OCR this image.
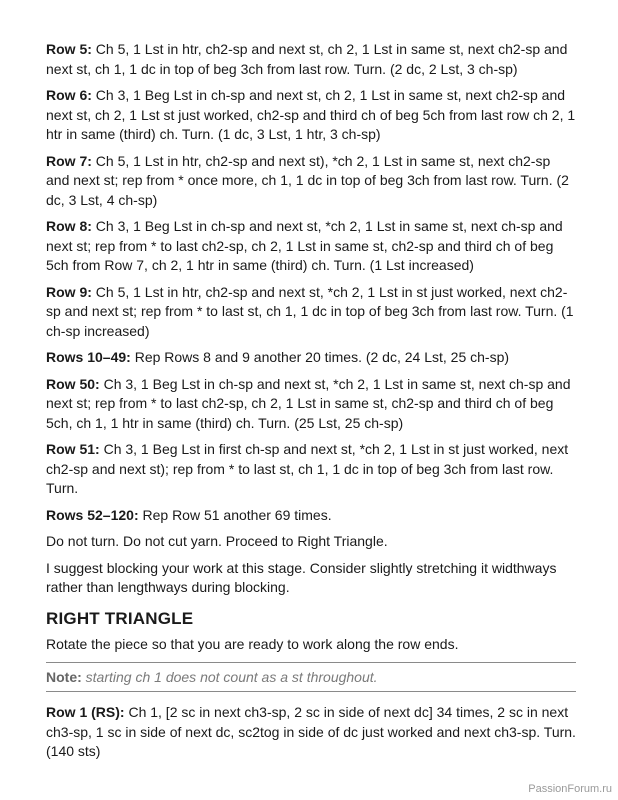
Row 5: Ch 5, 1 Lst in htr, ch2-sp and next st, ch 2, 1 Lst in same st, next ch2-sp and next st, ch 1, 1 dc in top of beg 3ch from last row. Turn. (2 dc, 2 Lst, 3 ch-sp)

Row 6: Ch 3, 1 Beg Lst in ch-sp and next st, ch 2, 1 Lst in same st, next ch2-sp and next st, ch 2, 1 Lst st just worked, ch2-sp and third ch of beg 5ch from last row ch 2, 1 htr in same (third) ch. Turn. (1 dc, 3 Lst, 1 htr, 3 ch-sp)

Row 7: Ch 5, 1 Lst in htr, ch2-sp and next st), *ch 2, 1 Lst in same st, next ch2-sp and next st; rep from * once more, ch 1, 1 dc in top of beg 3ch from last row. Turn. (2 dc, 3 Lst, 4 ch-sp)

Row 8: Ch 3, 1 Beg Lst in ch-sp and next st, *ch 2, 1 Lst in same st, next ch-sp and next st; rep from * to last ch2-sp, ch 2, 1 Lst in same st, ch2-sp and third ch of beg 5ch from Row 7, ch 2, 1 htr in same (third) ch. Turn. (1 Lst increased)

Row 9: Ch 5, 1 Lst in htr, ch2-sp and next st, *ch 2, 1 Lst in st just worked, next ch2-sp and next st; rep from * to last st, ch 1, 1 dc in top of beg 3ch from last row. Turn. (1 ch-sp increased)

Rows 10–49: Rep Rows 8 and 9 another 20 times. (2 dc, 24 Lst, 25 ch-sp)

Row 50: Ch 3, 1 Beg Lst in ch-sp and next st, *ch 2, 1 Lst in same st, next ch-sp and next st; rep from * to last ch2-sp, ch 2, 1 Lst in same st, ch2-sp and third ch of beg 5ch, ch 1, 1 htr in same (third) ch. Turn. (25 Lst, 25 ch-sp)

Row 51: Ch 3, 1 Beg Lst in first ch-sp and next st, *ch 2, 1 Lst in st just worked, next ch2-sp and next st); rep from * to last st, ch 1, 1 dc in top of beg 3ch from last row. Turn.

Rows 52–120: Rep Row 51 another 69 times.

Do not turn. Do not cut yarn. Proceed to Right Triangle.

I suggest blocking your work at this stage. Consider slightly stretching it widthways rather than lengthways during blocking.

RIGHT TRIANGLE

Rotate the piece so that you are ready to work along the row ends.

Note: starting ch 1 does not count as a st throughout.

Row 1 (RS): Ch 1, [2 sc in next ch3-sp, 2 sc in side of next dc] 34 times, 2 sc in next ch3-sp, 1 sc in side of next dc, sc2tog in side of dc just worked and next ch3-sp. Turn. (140 sts)

PassionForum.ru
